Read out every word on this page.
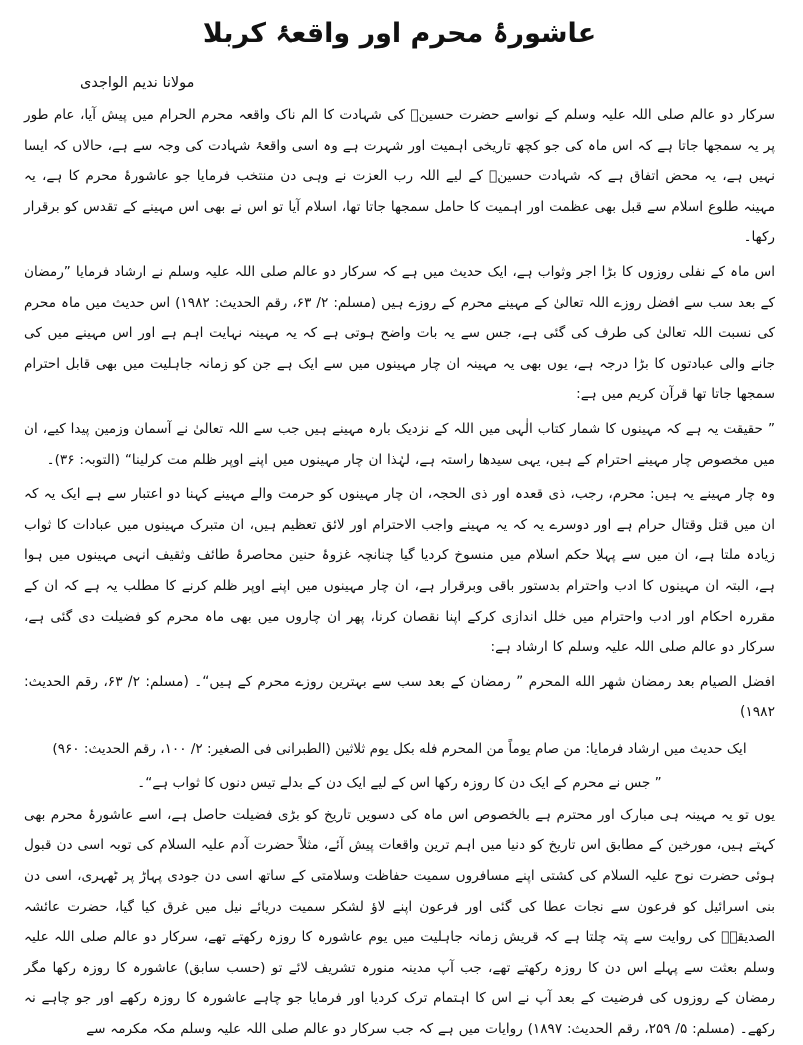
عاشورۂ محرم اور واقعۂ کربلا
مولانا ندیم الواجدی

سرکار دو عالم صلی اللہ علیہ وسلم کے نواسے حضرت حسینؓ کی شہادت کا الم ناک واقعہ محرم الحرام میں پیش آیا، عام طور پر یہ سمجھا جاتا ہے کہ اس ماہ کی جو کچھ تاریخی اہمیت اور شہرت ہے وہ اسی واقعۂ شہادت کی وجہ سے ہے، حالاں کہ ایسا نہیں ہے، یہ محض اتفاق ہے کہ شہادت حسینؓ کے لیے اللہ رب العزت نے وہی دن منتخب فرمایا جو عاشورۂ محرم کا ہے، یہ مہینہ طلوع اسلام سے قبل بھی عظمت اور اہمیت کا حامل سمجھا جاتا تھا، اسلام آیا تو اس نے بھی اس مہینے کے تقدس کو برقرار رکھا۔

اس ماہ کے نفلی روزوں کا بڑا اجر وثواب ہے، ایک حدیث میں ہے کہ سرکار دو عالم صلی اللہ علیہ وسلم نے ارشاد فرمایا ”رمضان کے بعد سب سے افضل روزے اللہ تعالیٰ کے مہینے محرم کے روزے ہیں (مسلم: ۲/ ۶۳، رقم الحدیث: ۱۹۸۲) اس حدیث میں ماہ محرم کی نسبت اللہ تعالیٰ کی طرف کی گئی ہے، جس سے یہ بات واضح ہوتی ہے کہ یہ مہینہ نہایت اہم ہے اور اس مہینے میں کی جانے والی عبادتوں کا بڑا درجہ ہے، یوں بھی یہ مہینہ ان چار مہینوں میں سے ایک ہے جن کو زمانہ جاہلیت میں بھی قابل احترام سمجھا جاتا تھا قرآن کریم میں ہے:

” حقیقت یہ ہے کہ مہینوں کا شمار کتاب الٰہی میں اللہ کے نزدیک بارہ مہینے ہیں جب سے اللہ تعالیٰ نے آسمان وزمین پیدا کیے، ان میں مخصوص چار مہینے احترام کے ہیں، یہی سیدھا راستہ ہے، لہٰذا ان چار مہینوں میں اپنے اوپر ظلم مت کرلینا“ (التوبہ: ۳۶)۔

وہ چار مہینے یہ ہیں: محرم، رجب، ذی قعدہ اور ذی الحجہ، ان چار مہینوں کو حرمت والے مہینے کہنا دو اعتبار سے ہے ایک یہ کہ ان میں قتل وقتال حرام ہے اور دوسرے یہ کہ یہ مہینے واجب الاحترام اور لائق تعظیم ہیں، ان متبرک مہینوں میں عبادات کا ثواب زیادہ ملتا ہے، ان میں سے پہلا حکم اسلام میں منسوخ کردیا گیا چنانچہ غزوۂ حنین محاصرۂ طائف وثقیف انہی مہینوں میں ہوا ہے، البتہ ان مہینوں کا ادب واحترام بدستور باقی وبرقرار ہے، ان چار مہینوں میں اپنے اوپر ظلم کرنے کا مطلب یہ ہے کہ ان کے مقررہ احکام اور ادب واحترام میں خلل اندازی کرکے اپنا نقصان کرنا، پھر ان چاروں میں بھی ماہ محرم کو فضیلت دی گئی ہے، سرکار دو عالم صلی اللہ علیہ وسلم کا ارشاد ہے:

افضل الصيام بعد رمضان شهر الله المحرم ” رمضان کے بعد سب سے بہترین روزے محرم کے ہیں“۔ (مسلم: ۲/ ۶۳، رقم الحدیث: ۱۹۸۲)

ایک حدیث میں ارشاد فرمایا: من صام يوماً من المحرم فله بكل يوم ثلاثين (الطبرانی فی الصغیر: ۲/ ۱۰۰، رقم الحدیث: ۹۶۰)

” جس نے محرم کے ایک دن کا روزہ رکھا اس کے لیے ایک دن کے بدلے تیس دنوں کا ثواب ہے“۔

یوں تو یہ مہینہ ہی مبارک اور محترم ہے بالخصوص اس ماہ کی دسویں تاریخ کو بڑی فضیلت حاصل ہے، اسے عاشورۂ محرم بھی کہتے ہیں، مورخین کے مطابق اس تاریخ کو دنیا میں اہم ترین واقعات پیش آئے، مثلاً حضرت آدم علیہ السلام کی توبہ اسی دن قبول ہوئی حضرت نوح علیہ السلام کی کشتی اپنے مسافروں سمیت حفاظت وسلامتی کے ساتھ اسی دن جودی پہاڑ پر ٹھہری، اسی دن بنی اسرائیل کو فرعون سے نجات عطا کی گئی اور فرعون اپنے لاؤ لشکر سمیت دریائے نیل میں غرق کیا گیا، حضرت عائشہ الصدیقہؓ کی روایت سے پتہ چلتا ہے کہ قریش زمانہ جاہلیت میں یوم عاشورہ کا روزہ رکھتے تھے، سرکار دو عالم صلی اللہ علیہ وسلم بعثت سے پہلے اس دن کا روزہ رکھتے تھے، جب آپ مدینہ منورہ تشریف لائے تو (حسب سابق) عاشورہ کا روزہ رکھا مگر رمضان کے روزوں کی فرضیت کے بعد آپ نے اس کا اہتمام ترک کردیا اور فرمایا جو چاہے عاشورہ کا روزہ رکھے اور جو چاہے نہ رکھے۔ (مسلم: ۵/ ۲۵۹، رقم الحدیث: ۱۸۹۷) روایات میں ہے کہ جب سرکار دو عالم صلی اللہ علیہ وسلم مکہ مکرمہ سے
